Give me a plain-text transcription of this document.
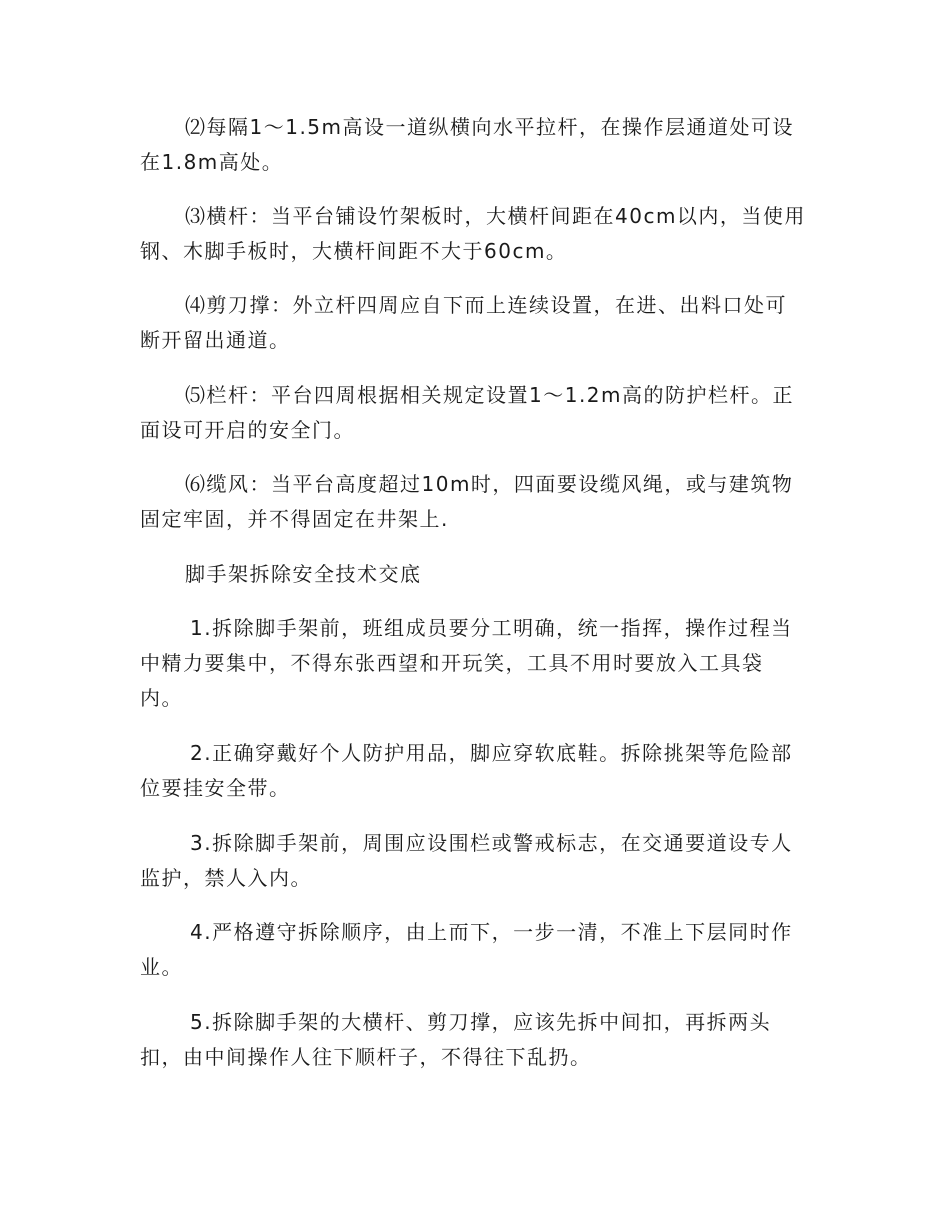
⑵每隔1～1.5m高设一道纵横向水平拉杆，在操作层通道处可设
在1.8m高处。

⑶横杆：当平台铺设竹架板时，大横杆间距在40cm以内，当使用
钢、木脚手板时，大横杆间距不大于60cm。

⑷剪刀撑：外立杆四周应自下而上连续设置，在进、出料口处可
断开留出通道。

⑸栏杆：平台四周根据相关规定设置1～1.2m高的防护栏杆。正
面设可开启的安全门。

⑹缆风：当平台高度超过10m时，四面要设缆风绳，或与建筑物
固定牢固，并不得固定在井架上.

脚手架拆除安全技术交底

1.拆除脚手架前，班组成员要分工明确，统一指挥，操作过程当
中精力要集中，不得东张西望和开玩笑，工具不用时要放入工具袋
内。

2.正确穿戴好个人防护用品，脚应穿软底鞋。拆除挑架等危险部
位要挂安全带。

3.拆除脚手架前，周围应设围栏或警戒标志，在交通要道设专人
监护，禁人入内。

4.严格遵守拆除顺序，由上而下，一步一清，不准上下层同时作
业。

5.拆除脚手架的大横杆、剪刀撑，应该先拆中间扣，再拆两头
扣，由中间操作人往下顺杆子，不得往下乱扔。
